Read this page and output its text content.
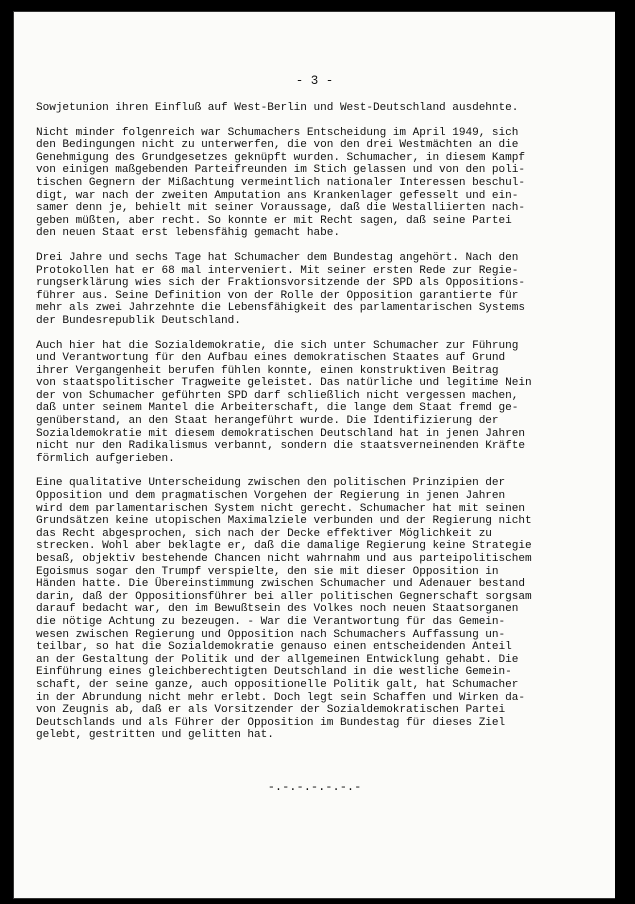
- 3 -
Sowjetunion ihren Einfluß auf West-Berlin und West-Deutschland ausdehnte.
Nicht minder folgenreich war Schumachers Entscheidung im April 1949, sich
den Bedingungen nicht zu unterwerfen, die von den drei Westmächten an die
Genehmigung des Grundgesetzes geknüpft wurden. Schumacher, in diesem Kampf
von einigen maßgebenden Parteifreunden im Stich gelassen und von den poli-
tischen Gegnern der Mißachtung vermeintlich nationaler Interessen beschul-
digt, war nach der zweiten Amputation ans Krankenlager gefesselt und ein-
samer denn je, behielt mit seiner Voraussage, daß die Westalliierten nach-
geben müßten, aber recht. So konnte er mit Recht sagen, daß seine Partei
den neuen Staat erst lebensfähig gemacht habe.
Drei Jahre und sechs Tage hat Schumacher dem Bundestag angehört. Nach den
Protokollen hat er 68 mal interveniert. Mit seiner ersten Rede zur Regie-
rungserklärung wies sich der Fraktionsvorsitzende der SPD als Oppositions-
führer aus. Seine Definition von der Rolle der Opposition garantierte für
mehr als zwei Jahrzehnte die Lebensfähigkeit des parlamentarischen Systems
der Bundesrepublik Deutschland.
Auch hier hat die Sozialdemokratie, die sich unter Schumacher zur Führung
und Verantwortung für den Aufbau eines demokratischen Staates auf Grund
ihrer Vergangenheit berufen fühlen konnte, einen konstruktiven Beitrag
von staatspolitischer Tragweite geleistet. Das natürliche und legitime Nein
der von Schumacher geführten SPD darf schließlich nicht vergessen machen,
daß unter seinem Mantel die Arbeiterschaft, die lange dem Staat fremd ge-
genüberstand, an den Staat herangeführt wurde. Die Identifizierung der
Sozialdemokratie mit diesem demokratischen Deutschland hat in jenen Jahren
nicht nur den Radikalismus verbannt, sondern die staatsverneinenden Kräfte
förmlich aufgerieben.
Eine qualitative Unterscheidung zwischen den politischen Prinzipien der
Opposition und dem pragmatischen Vorgehen der Regierung in jenen Jahren
wird dem parlamentarischen System nicht gerecht. Schumacher hat mit seinen
Grundsätzen keine utopischen Maximalziele verbunden und der Regierung nicht
das Recht abgesprochen, sich nach der Decke effektiver Möglichkeit zu
strecken. Wohl aber beklagte er, daß die damalige Regierung keine Strategie
besaß, objektiv bestehende Chancen nicht wahrnahm und aus parteipolitischem
Egoismus sogar den Trumpf verspielte, den sie mit dieser Opposition in
Händen hatte. Die Übereinstimmung zwischen Schumacher und Adenauer bestand
darin, daß der Oppositionsführer bei aller politischen Gegnerschaft sorgsam
darauf bedacht war, den im Bewußtsein des Volkes noch neuen Staatsorganen
die nötige Achtung zu bezeugen. - War die Verantwortung für das Gemein-
wesen zwischen Regierung und Opposition nach Schumachers Auffassung un-
teilbar, so hat die Sozialdemokratie genauso einen entscheidenden Anteil
an der Gestaltung der Politik und der allgemeinen Entwicklung gehabt. Die
Einführung eines gleichberechtigten Deutschland in die westliche Gemein-
schaft, der seine ganze, auch oppositionelle Politik galt, hat Schumacher
in der Abrundung nicht mehr erlebt. Doch legt sein Schaffen und Wirken da-
von Zeugnis ab, daß er als Vorsitzender der Sozialdemokratischen Partei
Deutschlands und als Führer der Opposition im Bundestag für dieses Ziel
gelebt, gestritten und gelitten hat.
-.-.-.-.-.-.-
